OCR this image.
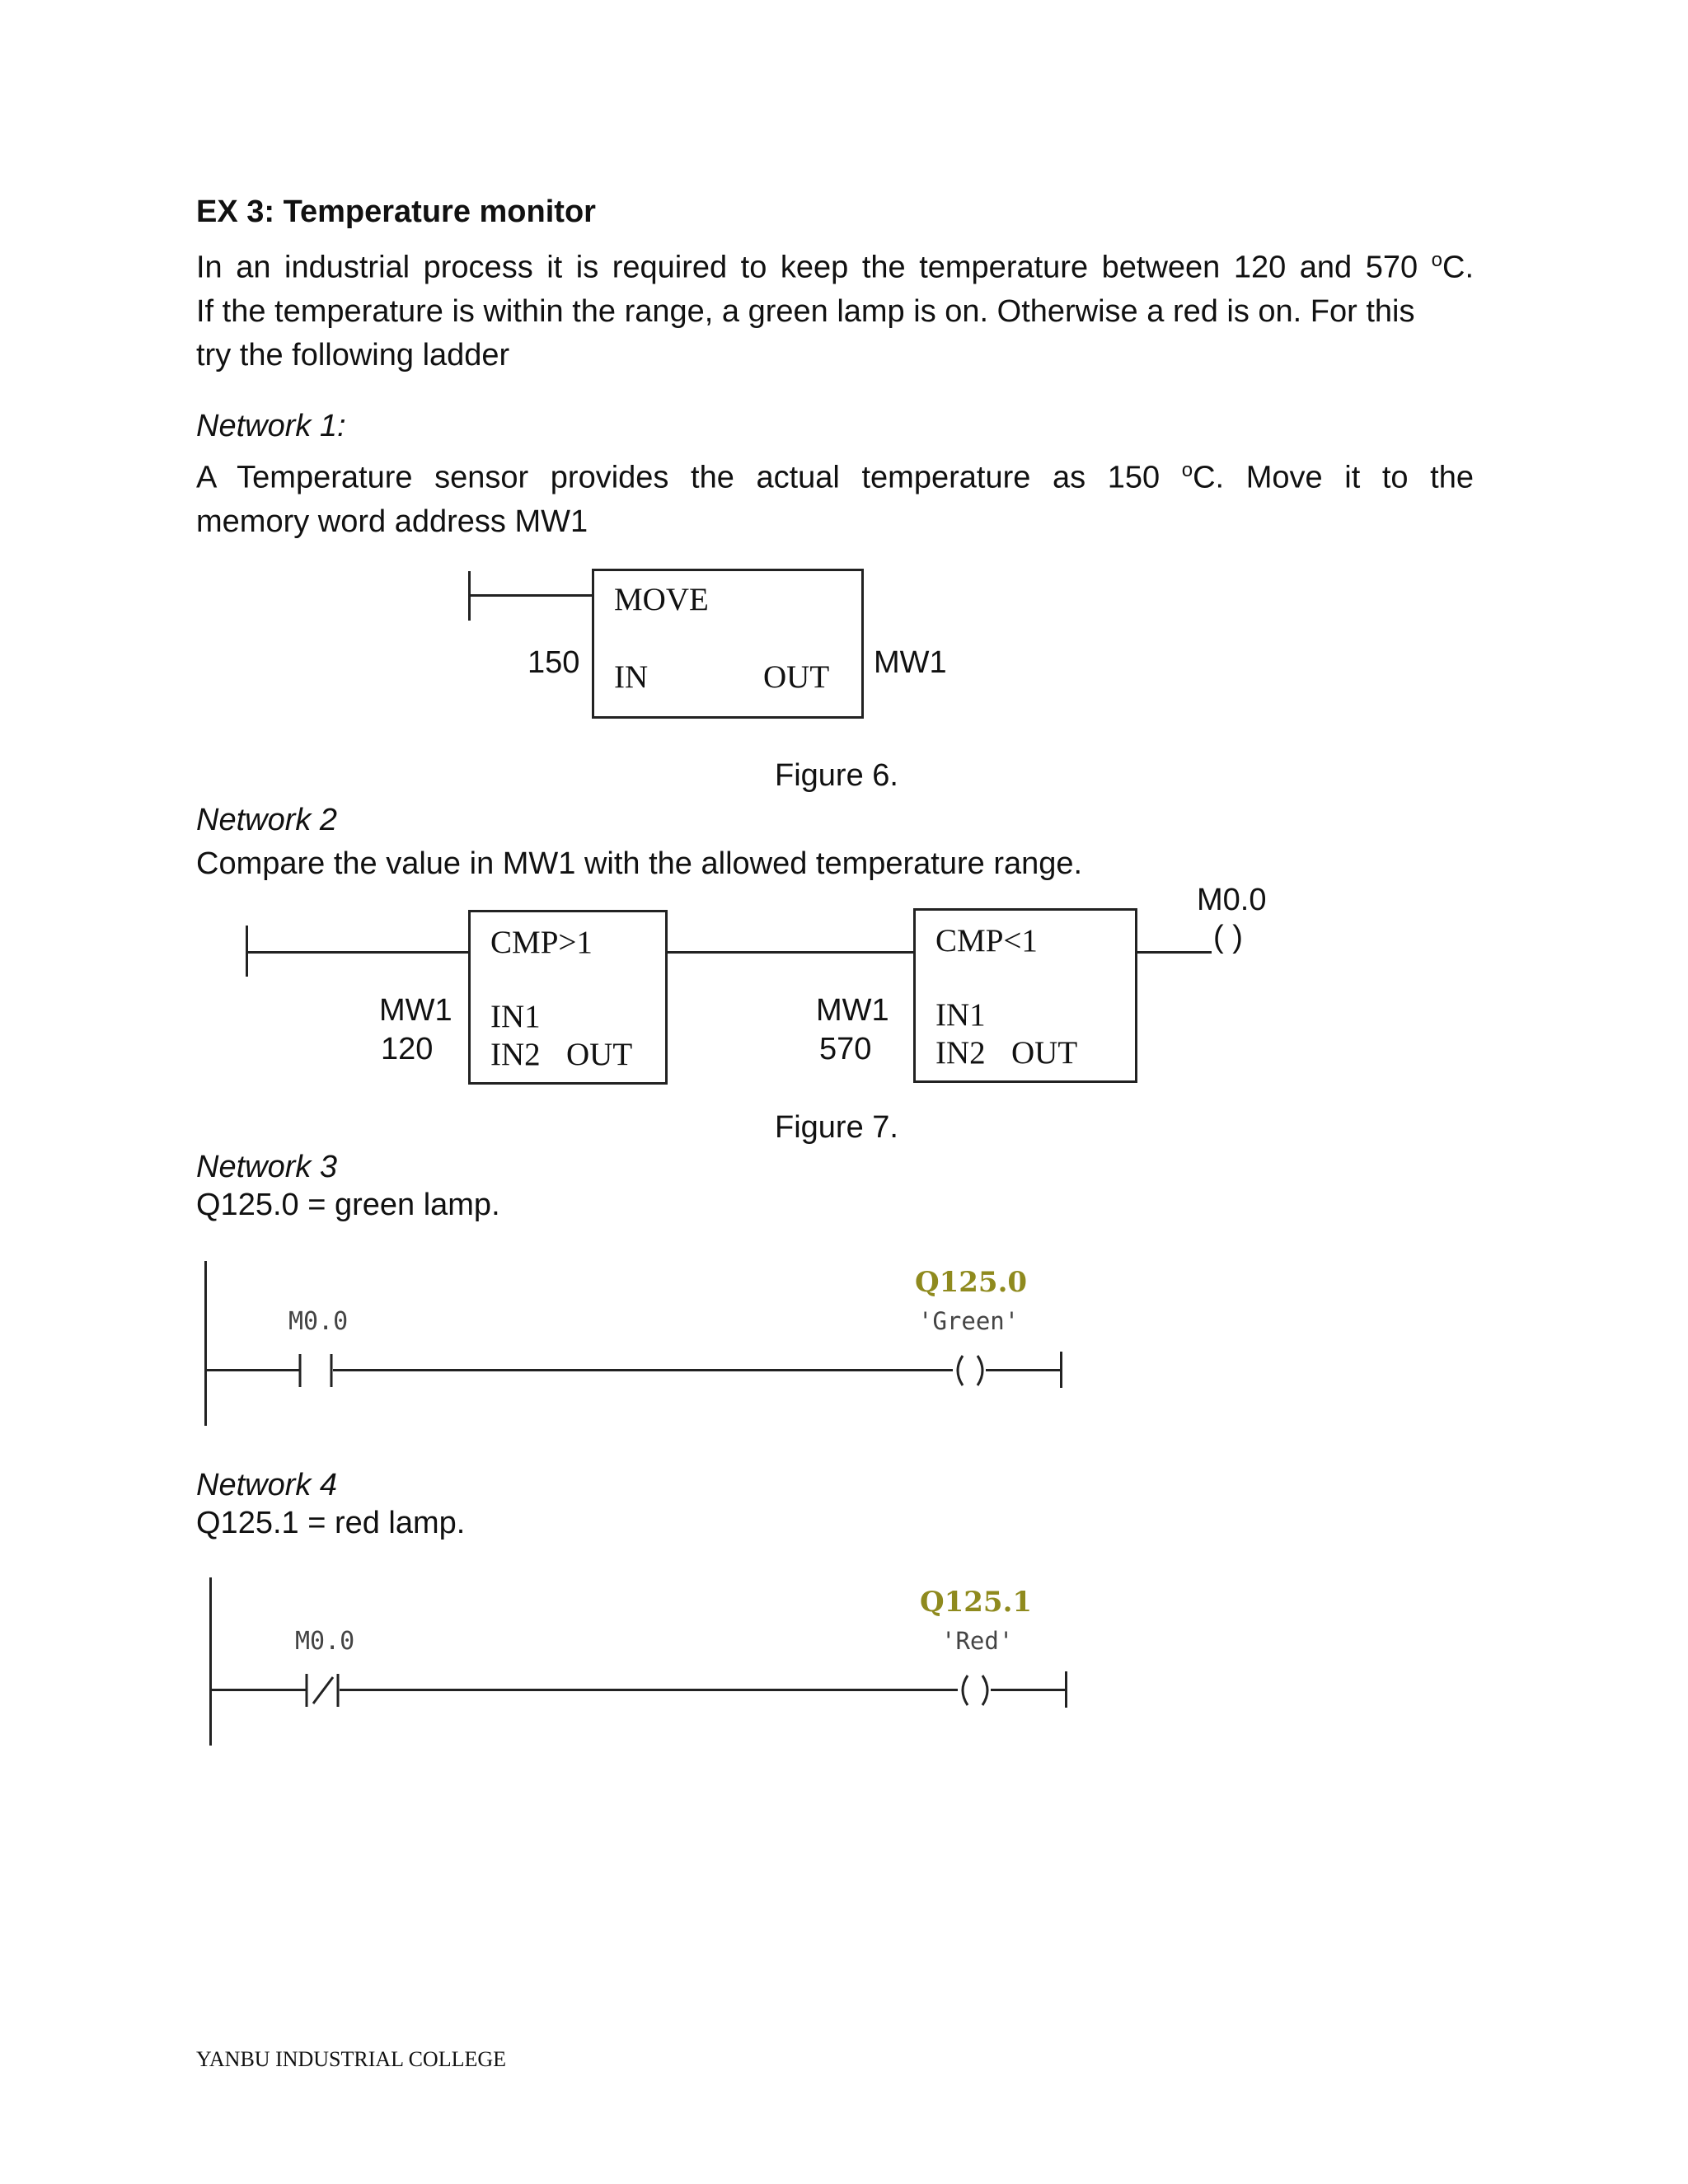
EX 3: Temperature monitor
In an industrial process it is required to keep the temperature between 120 and 570 $^o$C.
If the temperature is within the range, a green lamp is on. Otherwise a red is on. For this
try the following ladder
Network 1:
A Temperature sensor provides the actual temperature as 150 $^o$C. Move it to the
memory word address MW1
MOVE
IN	OUT
150	MW1
Figure 6.
Network 2
Compare the value in MW1 with the allowed temperature range.
CMP>1
IN1
IN2 OUT
MW1
120
CMP<1
IN1
IN2 OUT
MW1
570
M0.0
( )
Figure 7.
Network 3
Q125.0 = green lamp.
M0.0
Q125.0
'Green'
Network 4
Q125.1 = red lamp.
M0.0
Q125.1
'Red'
YANBU INDUSTRIAL COLLEGE
